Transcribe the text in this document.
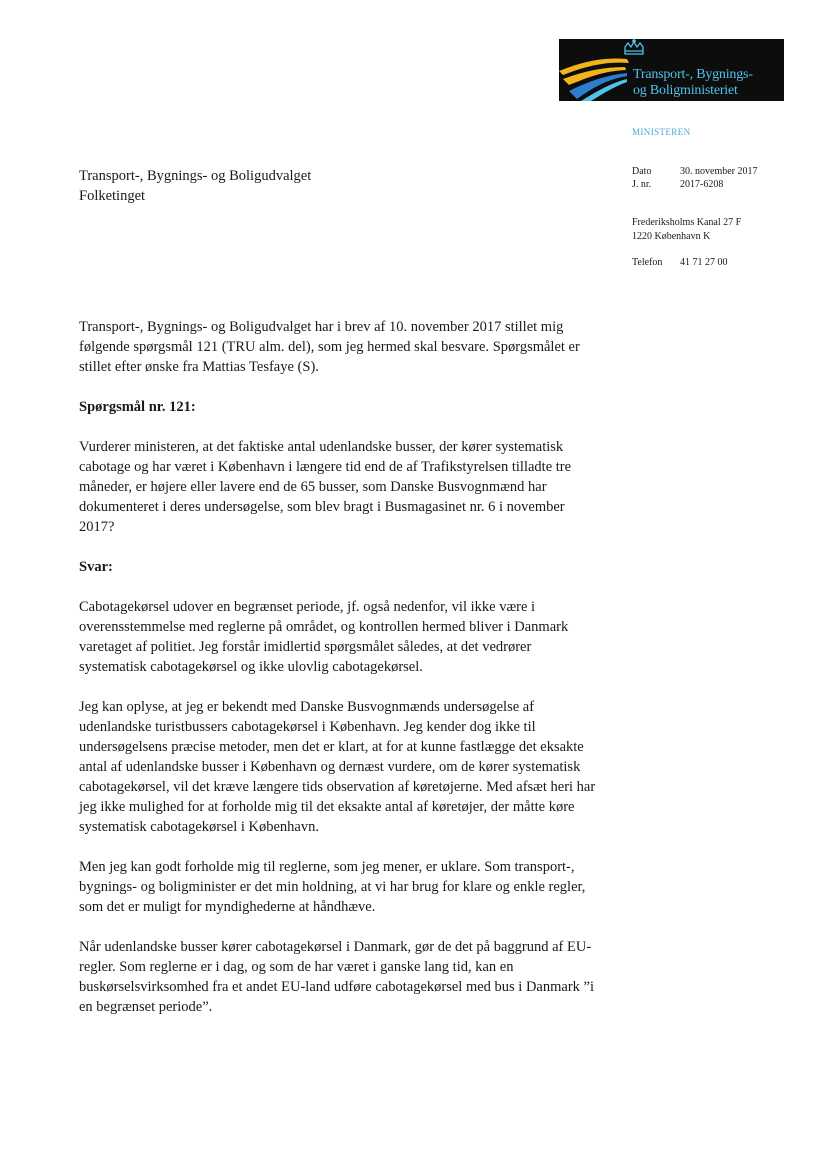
Transport-, Bygnings-
og Boligministeriet
MINISTEREN
Dato	30. november 2017
J. nr.	2017-6208
Frederiksholms Kanal 27 F
1220 København K
Telefon 41 71 27 00
Transport-, Bygnings- og Boligudvalget
Folketinget

Transport-, Bygnings- og Boligudvalget har i brev af 10. november 2017 stillet mig følgende spørgsmål 121 (TRU alm. del), som jeg hermed skal besvare. Spørgsmålet er stillet efter ønske fra Mattias Tesfaye (S).

Spørgsmål nr. 121:

Vurderer ministeren, at det faktiske antal udenlandske busser, der kører systematisk cabotage og har været i København i længere tid end de af Trafikstyrelsen tilladte tre måneder, er højere eller lavere end de 65 busser, som Danske Busvognmænd har dokumenteret i deres undersøgelse, som blev bragt i Busmagasinet nr. 6 i november 2017?

Svar:

Cabotagekørsel udover en begrænset periode, jf. også nedenfor, vil ikke være i overensstemmelse med reglerne på området, og kontrollen hermed bliver i Danmark varetaget af politiet. Jeg forstår imidlertid spørgsmålet således, at det vedrører systematisk cabotagekørsel og ikke ulovlig cabotagekørsel.

Jeg kan oplyse, at jeg er bekendt med Danske Busvognmænds undersøgelse af udenlandske turistbussers cabotagekørsel i København. Jeg kender dog ikke til undersøgelsens præcise metoder, men det er klart, at for at kunne fastlægge det eksakte antal af udenlandske busser i København og dernæst vurdere, om de kører systematisk cabotagekørsel, vil det kræve længere tids observation af køretøjerne. Med afsæt heri har jeg ikke mulighed for at forholde mig til det eksakte antal af køretøjer, der måtte køre systematisk cabotagekørsel i København.

Men jeg kan godt forholde mig til reglerne, som jeg mener, er uklare. Som transport-, bygnings- og boligminister er det min holdning, at vi har brug for klare og enkle regler, som det er muligt for myndighederne at håndhæve.

Når udenlandske busser kører cabotagekørsel i Danmark, gør de det på baggrund af EU-regler. Som reglerne er i dag, og som de har været i ganske lang tid, kan en buskørselsvirksomhed fra et andet EU-land udføre cabotagekørsel med bus i Danmark ”i en begrænset periode”.
